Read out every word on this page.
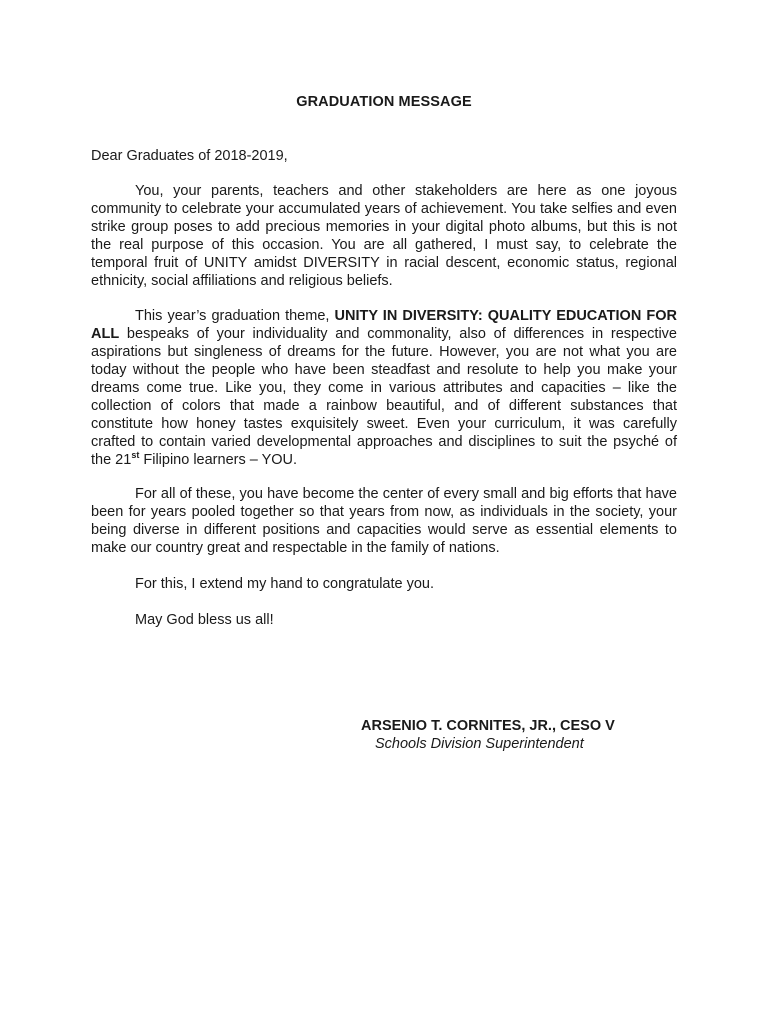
GRADUATION MESSAGE

Dear Graduates of 2018-2019,

You, your parents, teachers and other stakeholders are here as one joyous community to celebrate your accumulated years of achievement. You take selfies and even strike group poses to add precious memories in your digital photo albums, but this is not the real purpose of this occasion. You are all gathered, I must say, to celebrate the temporal fruit of UNITY amidst DIVERSITY in racial descent, economic status, regional ethnicity, social affiliations and religious beliefs.

This year’s graduation theme, UNITY IN DIVERSITY: QUALITY EDUCATION FOR ALL bespeaks of your individuality and commonality, also of differences in respective aspirations but singleness of dreams for the future. However, you are not what you are today without the people who have been steadfast and resolute to help you make your dreams come true. Like you, they come in various attributes and capacities – like the collection of colors that made a rainbow beautiful, and of different substances that constitute how honey tastes exquisitely sweet. Even your curriculum, it was carefully crafted to contain varied developmental approaches and disciplines to suit the psyché of the 21st Filipino learners – YOU.

For all of these, you have become the center of every small and big efforts that have been for years pooled together so that years from now, as individuals in the society, your being diverse in different positions and capacities would serve as essential elements to make our country great and respectable in the family of nations.

For this, I extend my hand to congratulate you.

May God bless us all!

ARSENIO T. CORNITES, JR., CESO V

Schools Division Superintendent
